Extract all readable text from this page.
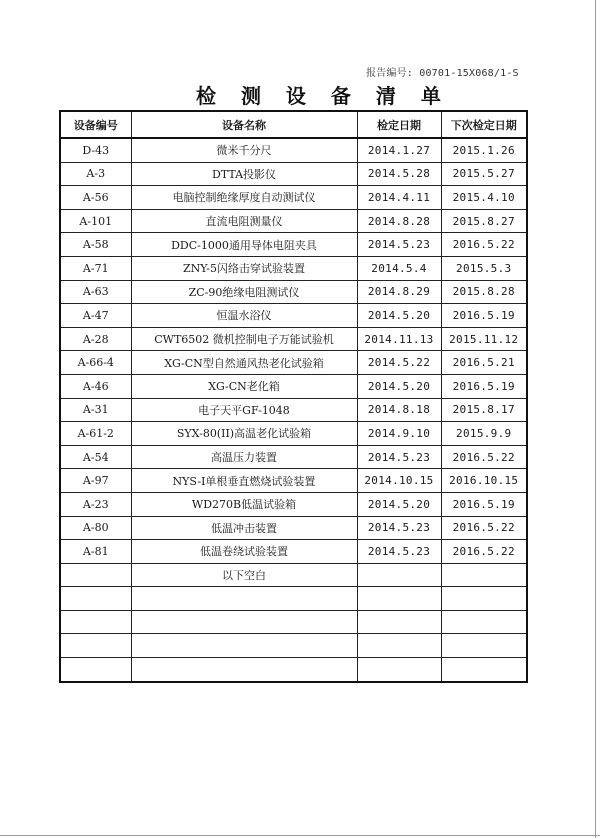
报告编号: 00701-15X068/1-S
检 测 设 备 清 单
设备编号	设备名称	检定日期	下次检定日期
D-43	微米千分尺	2014.1.27	2015.1.26
A-3	DTTA投影仪	2014.5.28	2015.5.27
A-56	电脑控制绝缘厚度自动测试仪	2014.4.11	2015.4.10
A-101	直流电阻测量仪	2014.8.28	2015.8.27
A-58	DDC-1000通用导体电阻夹具	2014.5.23	2016.5.22
A-71	ZNY-5闪络击穿试验装置	2014.5.4	2015.5.3
A-63	ZC-90绝缘电阻测试仪	2014.8.29	2015.8.28
A-47	恒温水浴仪	2014.5.20	2016.5.19
A-28	CWT6502 微机控制电子万能试验机	2014.11.13	2015.11.12
A-66-4	XG-CN型自然通风热老化试验箱	2014.5.22	2016.5.21
A-46	XG-CN老化箱	2014.5.20	2016.5.19
A-31	电子天平GF-1048	2014.8.18	2015.8.17
A-61-2	SYX-80(II)高温老化试验箱	2014.9.10	2015.9.9
A-54	高温压力装置	2014.5.23	2016.5.22
A-97	NYS-I单根垂直燃烧试验装置	2014.10.15	2016.10.15
A-23	WD270B低温试验箱	2014.5.20	2016.5.19
A-80	低温冲击装置	2014.5.23	2016.5.22
A-81	低温卷绕试验装置	2014.5.23	2016.5.22
	以下空白		
